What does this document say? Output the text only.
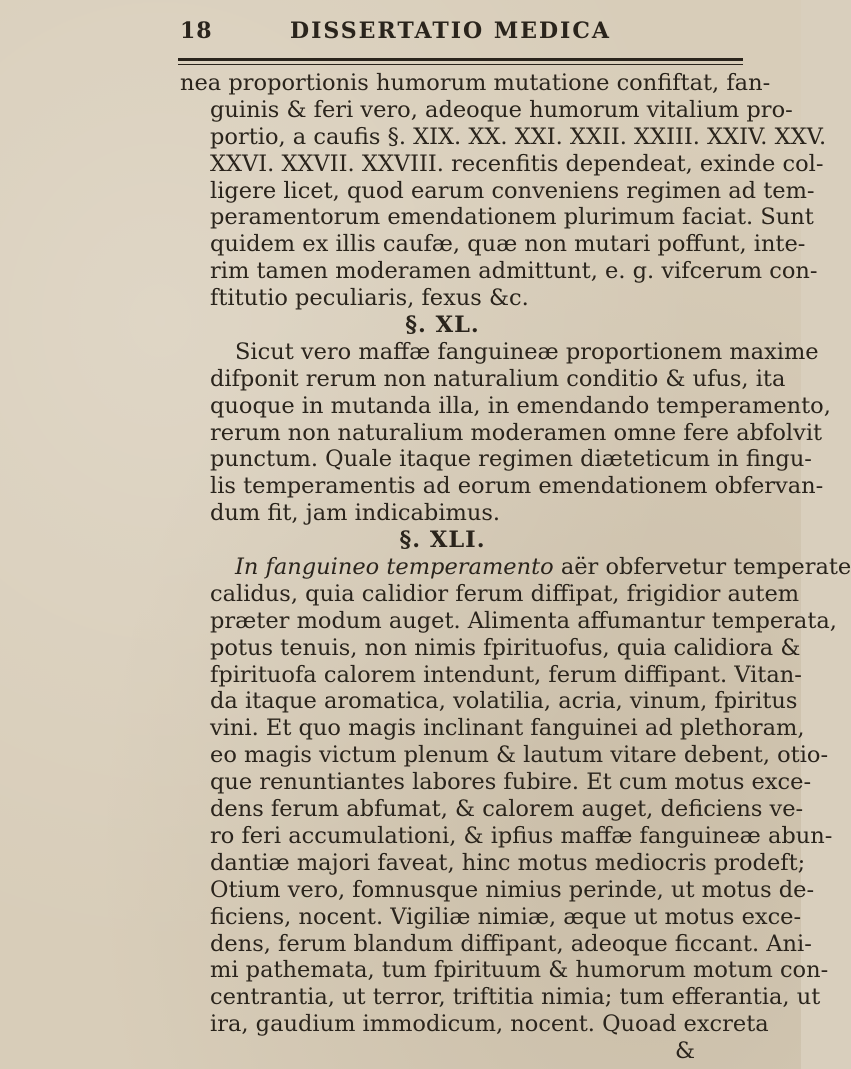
18	DISSERTATIO MEDICA
nea proportionis humorum mutatione confiftat, fan-
guinis & feri vero, adeoque humorum vitalium pro-
portio, a caufis §. XIX. XX. XXI. XXII. XXIII. XXIV. XXV.
XXVI. XXVII. XXVIII. recenfitis dependeat, exinde col-
ligere licet, quod earum conveniens regimen ad tem-
peramentorum emendationem plurimum faciat. Sunt
quidem ex illis caufæ, quæ non mutari poffunt, inte-
rim tamen moderamen admittunt, e. g. vifcerum con-
ftitutio peculiaris, fexus &c.
§. XL.
Sicut vero maffæ fanguineæ proportionem maxime
difponit rerum non naturalium conditio & ufus, ita
quoque in mutanda illa, in emendando temperamento,
rerum non naturalium moderamen omne fere abfolvit
punctum. Quale itaque regimen diæteticum in fingu-
lis temperamentis ad eorum emendationem obfervan-
dum fit, jam indicabimus.
§. XLI.
In fanguineo temperamento aër obfervetur temperate
calidus, quia calidior ferum diffipat, frigidior autem
præter modum auget. Alimenta affumantur temperata,
potus tenuis, non nimis fpirituofus, quia calidiora &
fpirituofa calorem intendunt, ferum diffipant. Vitan-
da itaque aromatica, volatilia, acria, vinum, fpiritus
vini. Et quo magis inclinant fanguinei ad plethoram,
eo magis victum plenum & lautum vitare debent, otio-
que renuntiantes labores fubire. Et cum motus exce-
dens ferum abfumat, & calorem auget, deficiens ve-
ro feri accumulationi, & ipfius maffæ fanguineæ abun-
dantiæ majori faveat, hinc motus mediocris prodeft;
Otium vero, fomnusque nimius perinde, ut motus de-
ficiens, nocent. Vigiliæ nimiæ, æque ut motus exce-
dens, ferum blandum diffipant, adeoque ficcant. Ani-
mi pathemata, tum fpirituum & humorum motum con-
centrantia, ut terror, triftitia nimia; tum efferantia, ut
ira, gaudium immodicum, nocent. Quoad excreta
&
